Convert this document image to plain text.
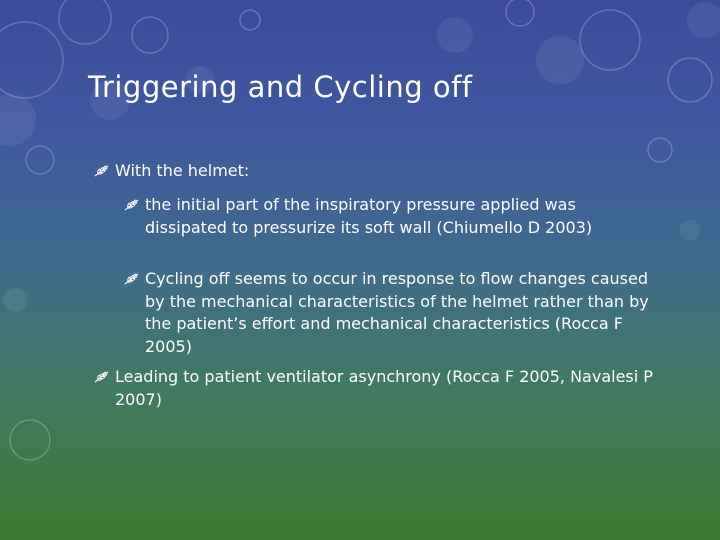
Triggering and Cycling off
With the helmet:
the initial part of the inspiratory pressure applied was dissipated to pressurize its soft wall (Chiumello D 2003)
Cycling off seems to occur in response to flow changes caused by the mechanical characteristics of the helmet rather than by the patient’s effort and mechanical characteristics (Rocca F 2005)
Leading to patient ventilator asynchrony (Rocca F 2005, Navalesi P 2007)
